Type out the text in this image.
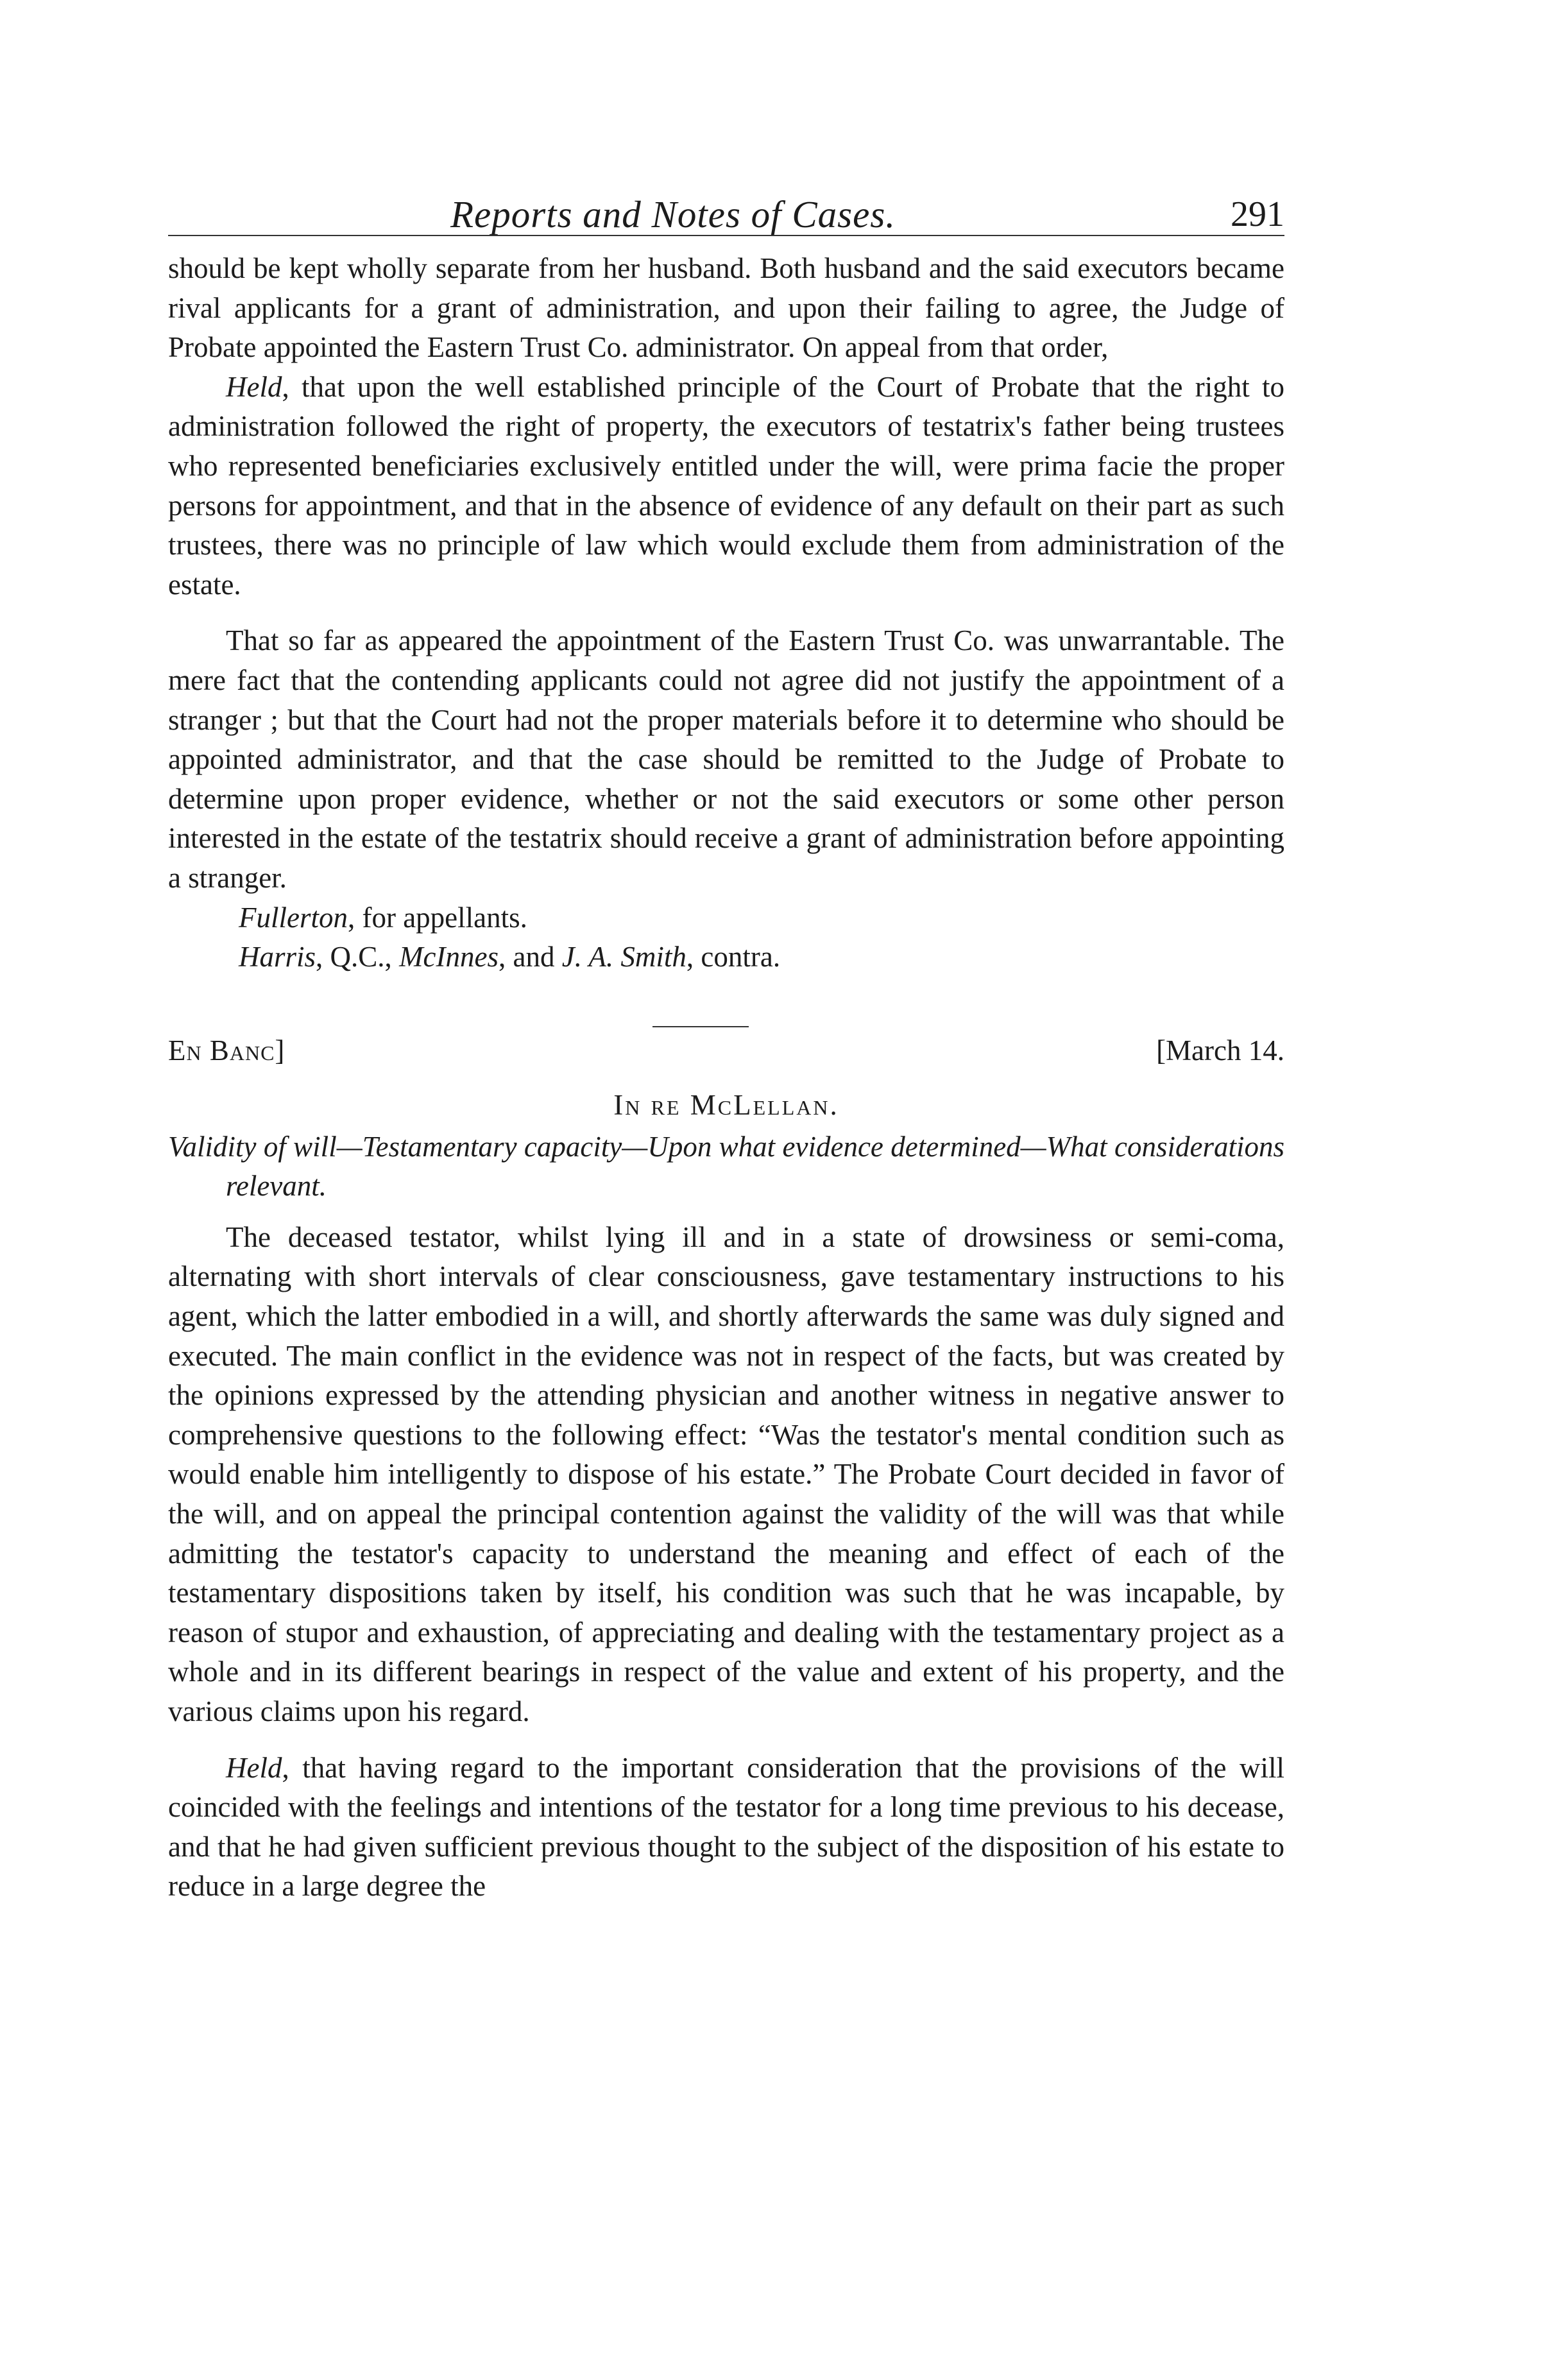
Reports and Notes of Cases.	291

should be kept wholly separate from her husband. Both husband and the said executors became rival applicants for a grant of administration, and upon their failing to agree, the Judge of Probate appointed the Eastern Trust Co. administrator. On appeal from that order,

Held, that upon the well established principle of the Court of Probate that the right to administration followed the right of property, the executors of testatrix's father being trustees who represented beneficiaries exclusively entitled under the will, were prima facie the proper persons for appointment, and that in the absence of evidence of any default on their part as such trustees, there was no principle of law which would exclude them from administration of the estate.

That so far as appeared the appointment of the Eastern Trust Co. was unwarrantable. The mere fact that the contending applicants could not agree did not justify the appointment of a stranger ; but that the Court had not the proper materials before it to determine who should be appointed administrator, and that the case should be remitted to the Judge of Probate to determine upon proper evidence, whether or not the said executors or some other person interested in the estate of the testatrix should receive a grant of administration before appointing a stranger.

Fullerton, for appellants.

Harris, Q.C., McInnes, and J. A. Smith, contra.

En Banc]	[March 14.
In re McLellan.

Validity of will—Testamentary capacity—Upon what evidence determined—What considerations relevant.

The deceased testator, whilst lying ill and in a state of drowsiness or semi-coma, alternating with short intervals of clear consciousness, gave testamentary instructions to his agent, which the latter embodied in a will, and shortly afterwards the same was duly signed and executed. The main conflict in the evidence was not in respect of the facts, but was created by the opinions expressed by the attending physician and another witness in negative answer to comprehensive questions to the following effect: “Was the testator's mental condition such as would enable him intelligently to dispose of his estate.” The Probate Court decided in favor of the will, and on appeal the principal contention against the validity of the will was that while admitting the testator's capacity to understand the meaning and effect of each of the testamentary dispositions taken by itself, his condition was such that he was incapable, by reason of stupor and exhaustion, of appreciating and dealing with the testamentary project as a whole and in its different bearings in respect of the value and extent of his property, and the various claims upon his regard.

Held, that having regard to the important consideration that the provisions of the will coincided with the feelings and intentions of the testator for a long time previous to his decease, and that he had given sufficient previous thought to the subject of the disposition of his estate to reduce in a large degree the
